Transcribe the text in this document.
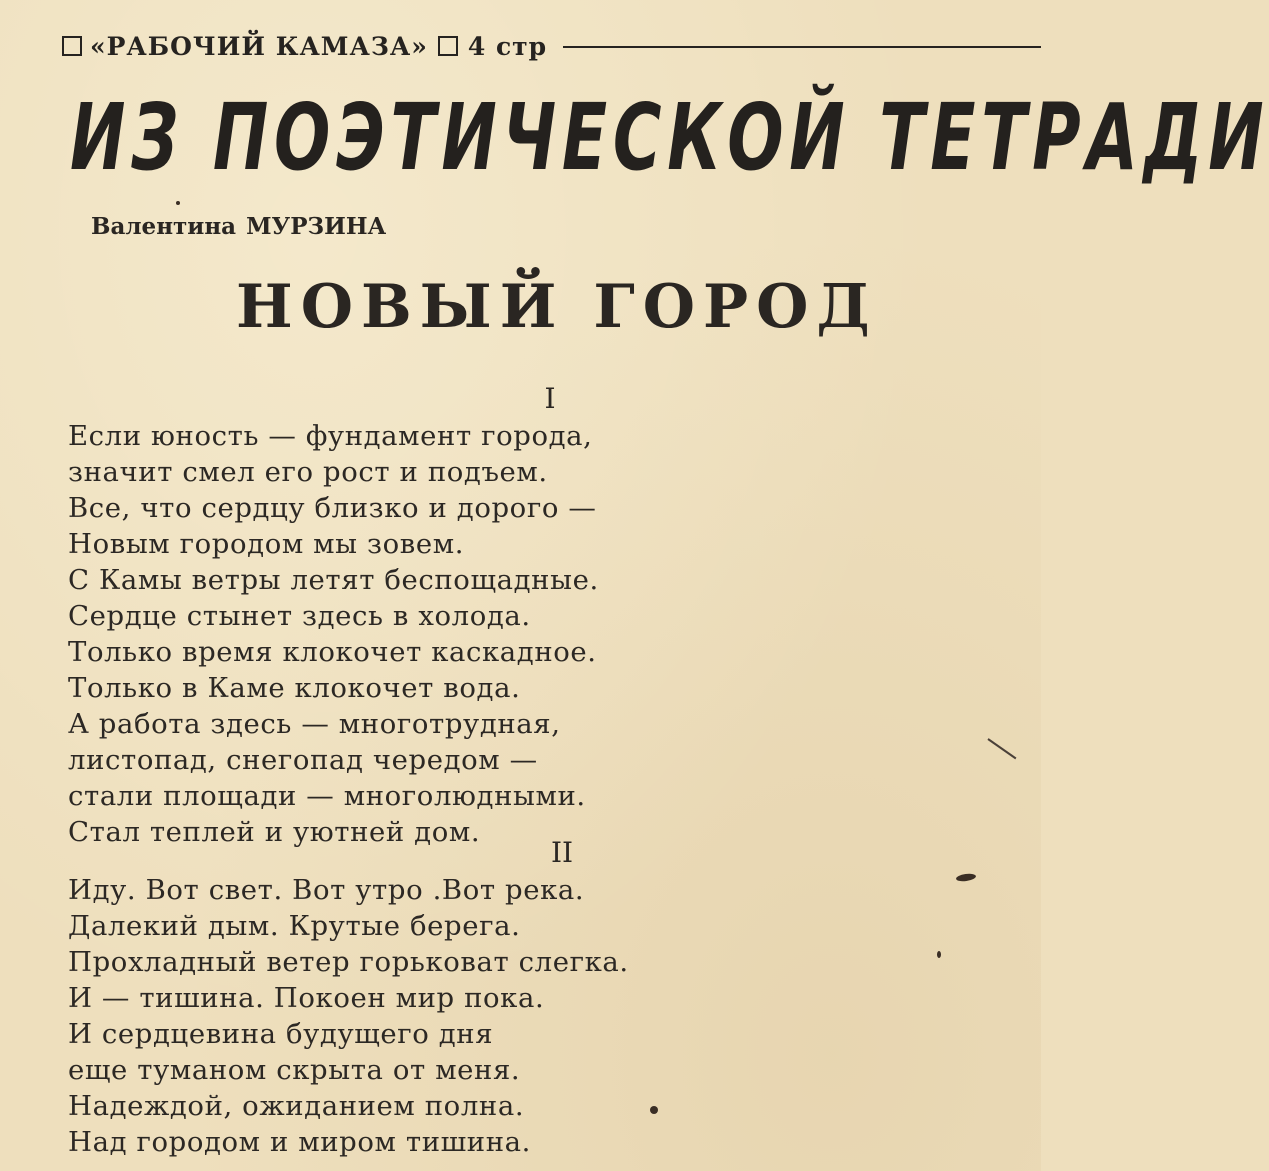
«РАБОЧИЙ КАМАЗА» 4 стр
ИЗ ПОЭТИЧЕСКОЙ ТЕТРАДИ
Валентина МУРЗИНА
НОВЫЙ ГОРОД
I
Если юность — фундамент города,
значит смел его рост и подъем.
Все, что сердцу близко и дорого —
Новым городом мы зовем.
С Камы ветры летят беспощадные.
Сердце стынет здесь в холода.
Только время клокочет каскадное.
Только в Каме клокочет вода.
А работа здесь — многотрудная,
листопад, снегопад чередом —
стали площади — многолюдными.
Стал теплей и уютней дом.
II
Иду. Вот свет. Вот утро .Вот река.
Далекий дым. Крутые берега.
Прохладный ветер горьковат слегка.
И — тишина. Покоен мир пока.
И сердцевина будущего дня
еще туманом скрыта от меня.
Надеждой, ожиданием полна.
Над городом и миром тишина.
